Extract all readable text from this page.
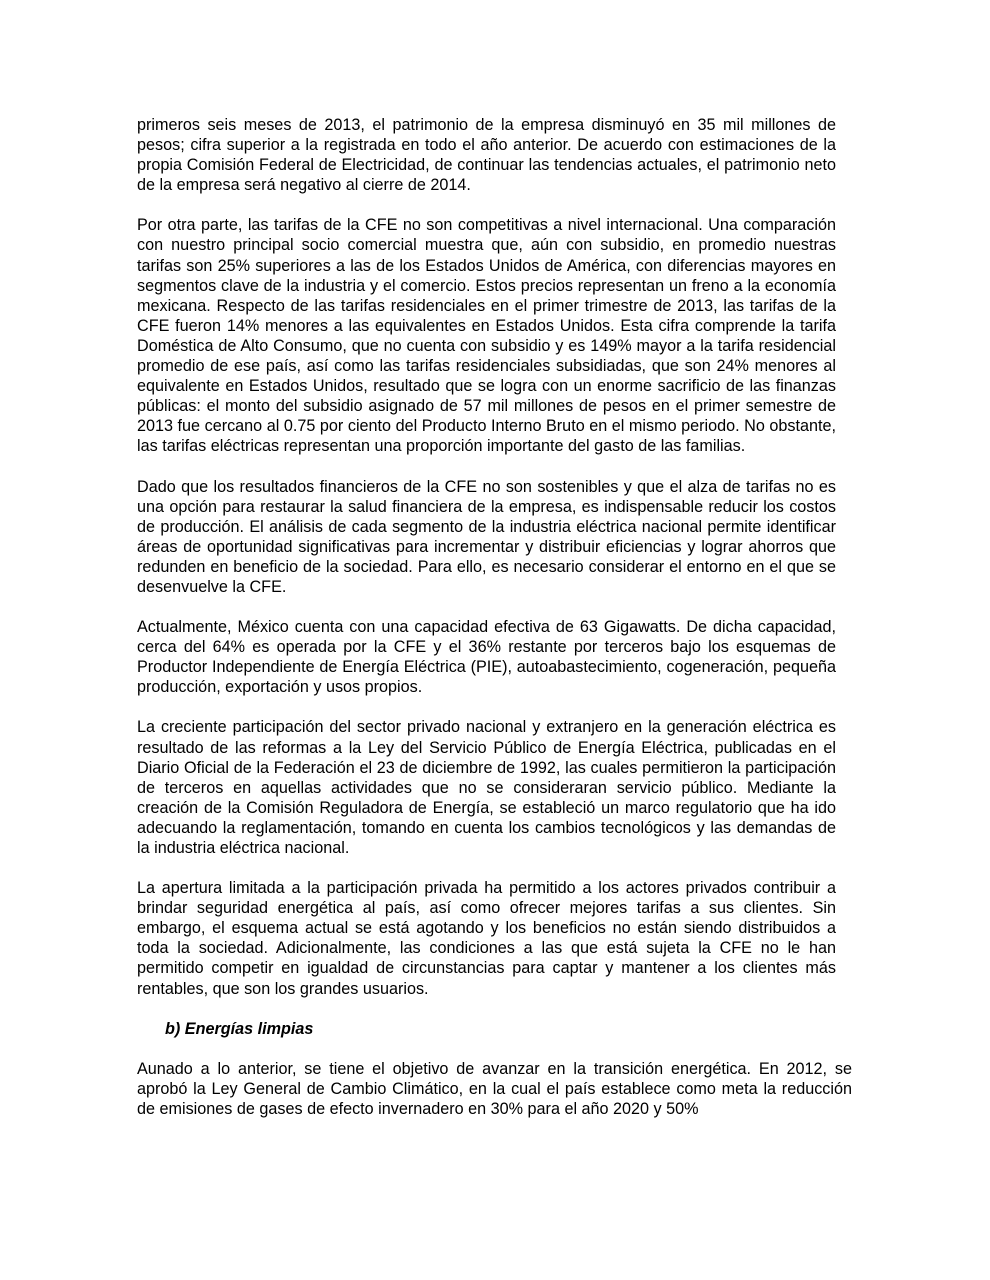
primeros seis meses de 2013, el patrimonio de la empresa disminuyó en 35 mil millones de pesos; cifra superior a la registrada en todo el año anterior. De acuerdo con estimaciones de la propia Comisión Federal de Electricidad, de continuar las tendencias actuales, el patrimonio neto de la empresa será negativo al cierre de 2014.

Por otra parte, las tarifas de la CFE no son competitivas a nivel internacional. Una comparación con nuestro principal socio comercial muestra que, aún con subsidio, en promedio nuestras tarifas son 25% superiores a las de los Estados Unidos de América, con diferencias mayores en segmentos clave de la industria y el comercio. Estos precios representan un freno a la economía mexicana. Respecto de las tarifas residenciales en el primer trimestre de 2013, las tarifas de la CFE fueron 14% menores a las equivalentes en Estados Unidos. Esta cifra comprende la tarifa Doméstica de Alto Consumo, que no cuenta con subsidio y es 149% mayor a la tarifa residencial promedio de ese país, así como las tarifas residenciales subsidiadas, que son 24% menores al equivalente en Estados Unidos, resultado que se logra con un enorme sacrificio de las finanzas públicas: el monto del subsidio asignado de 57 mil millones de pesos en el primer semestre de 2013 fue cercano al 0.75 por ciento del Producto Interno Bruto en el mismo periodo. No obstante, las tarifas eléctricas representan una proporción importante del gasto de las familias.

Dado que los resultados financieros de la CFE no son sostenibles y que el alza de tarifas no es una opción para restaurar la salud financiera de la empresa, es indispensable reducir los costos de producción. El análisis de cada segmento de la industria eléctrica nacional permite identificar áreas de oportunidad significativas para incrementar y distribuir eficiencias y lograr ahorros que redunden en beneficio de la sociedad. Para ello, es necesario considerar el entorno en el que se desenvuelve la CFE.

Actualmente, México cuenta con una capacidad efectiva de 63 Gigawatts. De dicha capacidad, cerca del 64% es operada por la CFE y el 36% restante por terceros bajo los esquemas de Productor Independiente de Energía Eléctrica (PIE), autoabastecimiento, cogeneración, pequeña producción, exportación y usos propios.

La creciente participación del sector privado nacional y extranjero en la generación eléctrica es resultado de las reformas a la Ley del Servicio Público de Energía Eléctrica, publicadas en el Diario Oficial de la Federación el 23 de diciembre de 1992, las cuales permitieron la participación de terceros en aquellas actividades que no se consideraran servicio público. Mediante la creación de la Comisión Reguladora de Energía, se estableció un marco regulatorio que ha ido adecuando la reglamentación, tomando en cuenta los cambios tecnológicos y las demandas de la industria eléctrica nacional.

La apertura limitada a la participación privada ha permitido a los actores privados contribuir a brindar seguridad energética al país, así como ofrecer mejores tarifas a sus clientes. Sin embargo, el esquema actual se está agotando y los beneficios no están siendo distribuidos a toda la sociedad. Adicionalmente, las condiciones a las que está sujeta la CFE no le han permitido competir en igualdad de circunstancias para captar y mantener a los clientes más rentables, que son los grandes usuarios.

b) Energías limpias

Aunado a lo anterior, se tiene el objetivo de avanzar en la transición energética. En 2012, se aprobó la Ley General de Cambio Climático, en la cual el país establece como meta la reducción de emisiones de gases de efecto invernadero en 30% para el año 2020 y 50%
